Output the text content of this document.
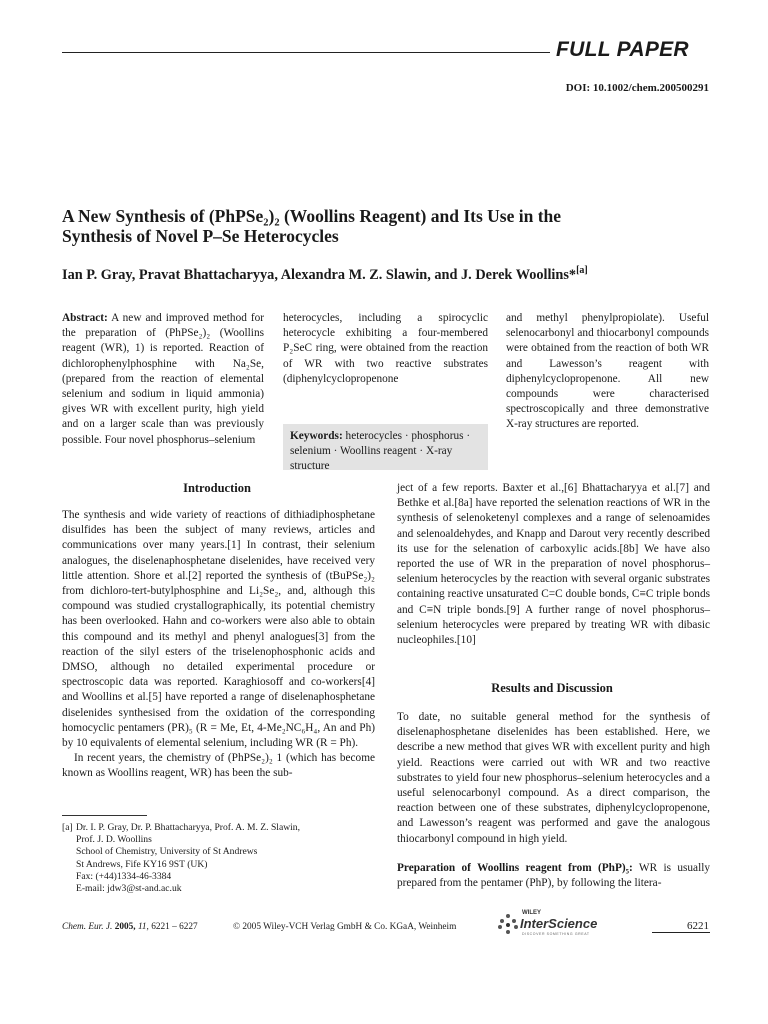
FULL PAPER
DOI: 10.1002/chem.200500291
A New Synthesis of (PhPSe₂)₂ (Woollins Reagent) and Its Use in the
Synthesis of Novel P–Se Heterocycles
Ian P. Gray, Pravat Bhattacharyya, Alexandra M. Z. Slawin, and J. Derek Woollins*[a]
Abstract: A new and improved method for the preparation of (PhPSe₂)₂ (Woollins reagent (WR), 1) is reported. Reaction of dichlorophenylphosphine with Na₂Se, (prepared from the reaction of elemental selenium and sodium in liquid ammonia) gives WR with excellent purity, high yield and on a larger scale than was previously possible. Four novel phosphorus–selenium
heterocycles, including a spirocyclic heterocycle exhibiting a four-membered P₂SeC ring, were obtained from the reaction of WR with two reactive substrates (diphenylcyclopropenone
and methyl phenylpropiolate). Useful selenocarbonyl and thiocarbonyl compounds were obtained from the reaction of both WR and Lawesson’s reagent with diphenylcyclopropenone. All new compounds were characterised spectroscopically and three demonstrative X-ray structures are reported.
Keywords: heterocycles · phosphorus · selenium · Woollins reagent · X-ray structure
Introduction

The synthesis and wide variety of reactions of dithiadiphosphetane disulfides has been the subject of many reviews, articles and communications over many years.[1] In contrast, their selenium analogues, the diselenaphosphetane diselenides, have received very little attention. Shore et al.[2] reported the synthesis of (tBuPSe₂)₂ from dichloro-tert-butylphosphine and Li₂Se₂, and, although this compound was studied crystallographically, its potential chemistry has been overlooked. Hahn and co-workers were also able to obtain this compound and its methyl and phenyl analogues[3] from the reaction of the silyl esters of the triselenophosphonic acids and DMSO, although no detailed experimental procedure or spectroscopic data was reported. Karaghiosoff and co-workers[4] and Woollins et al.[5] have reported a range of diselenaphosphetane diselenides synthesised from the oxidation of the corresponding homocyclic pentamers (PR)₅ (R = Me, Et, 4-Me₂NC₆H₄, An and Ph) by 10 equivalents of elemental selenium, including WR (R = Ph).

In recent years, the chemistry of (PhPSe₂)₂ 1 (which has become known as Woollins reagent, WR) has been the sub-

ject of a few reports. Baxter et al.,[6] Bhattacharyya et al.[7] and Bethke et al.[8a] have reported the selenation reactions of WR in the synthesis of selenoketenyl complexes and a range of selenoamides and selenoaldehydes, and Knapp and Darout very recently described its use for the selenation of carboxylic acids.[8b] We have also reported the use of WR in the preparation of novel phosphorus–selenium heterocycles by the reaction with several organic substrates containing reactive unsaturated C=C double bonds, C≡C triple bonds and C≡N triple bonds.[9] A further range of novel phosphorus–selenium heterocycles were prepared by treating WR with dibasic nucleophiles.[10]

Results and Discussion

To date, no suitable general method for the synthesis of diselenaphosphetane diselenides has been established. Here, we describe a new method that gives WR with excellent purity and high yield. Reactions were carried out with WR and two reactive substrates to yield four new phosphorus–selenium heterocycles and a useful selenocarbonyl compound. As a direct comparison, the reaction between one of these substrates, diphenylcyclopropenone, and Lawesson’s reagent was performed and gave the analogous thiocarbonyl compound in high yield.

Preparation of Woollins reagent from (PhP)₅: WR is usually prepared from the pentamer (PhP), by following the litera-

[a] Dr. I. P. Gray, Dr. P. Bhattacharyya, Prof. A. M. Z. Slawin,
Prof. J. D. Woollins
School of Chemistry, University of St Andrews
St Andrews, Fife KY16 9ST (UK)
Fax: (+44)1334-46-3384
E-mail: jdw3@st-and.ac.uk
Chem. Eur. J. 2005, 11, 6221 – 6227	© 2005 Wiley-VCH Verlag GmbH & Co. KGaA, Weinheim
WILEY
InterScience
DISCOVER SOMETHING GREAT
6221
